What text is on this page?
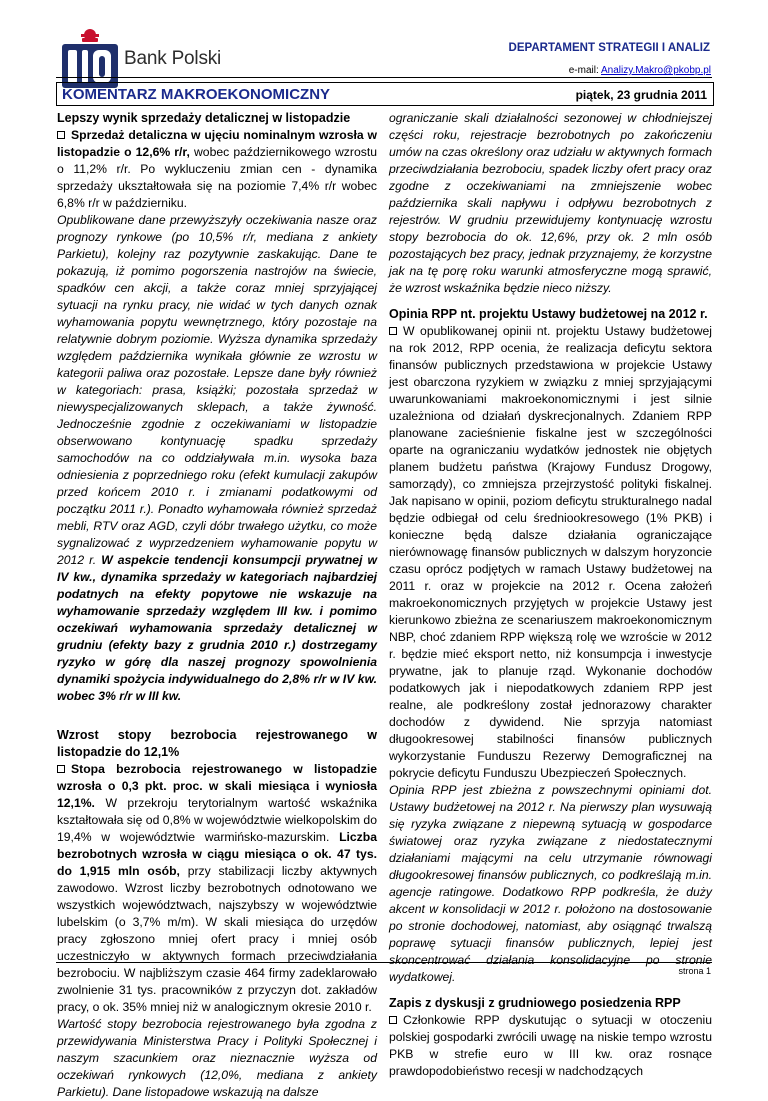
Bank Polski	DEPARTAMENT STRATEGII I ANALIZ
e-mail: Analizy.Makro@pkobp.pl
KOMENTARZ MAKROEKONOMICZNY	piątek, 23 grudnia 2011
Lepszy wynik sprzedaży detalicznej w listopadzie

Sprzedaż detaliczna w ujęciu nominalnym wzrosła w listopadzie o 12,6% r/r, wobec październikowego wzrostu o 11,2% r/r. Po wykluczeniu zmian cen - dynamika sprzedaży ukształtowała się na poziomie 7,4% r/r wobec 6,8% r/r w październiku.

Opublikowane dane przewyższyły oczekiwania nasze oraz prognozy rynkowe (po 10,5% r/r, mediana z ankiety Parkietu), kolejny raz pozytywnie zaskakując. Dane te pokazują, iż pomimo pogorszenia nastrojów na świecie, spadków cen akcji, a także coraz mniej sprzyjającej sytuacji na rynku pracy, nie widać w tych danych oznak wyhamowania popytu wewnętrznego, który pozostaje na relatywnie dobrym poziomie. Wyższa dynamika sprzedaży względem października wynikała głównie ze wzrostu w kategorii paliwa oraz pozostałe. Lepsze dane były również w kategoriach: prasa, książki; pozostała sprzedaż w niewyspecjalizowanych sklepach, a także żywność. Jednocześnie zgodnie z oczekiwaniami w listopadzie obserwowano kontynuację spadku sprzedaży samochodów na co oddziaływała m.in. wysoka baza odniesienia z poprzedniego roku (efekt kumulacji zakupów przed końcem 2010 r. i zmianami podatkowymi od początku 2011 r.). Ponadto wyhamowała również sprzedaż mebli, RTV oraz AGD, czyli dóbr trwałego użytku, co może sygnalizować z wyprzedzeniem wyhamowanie popytu w 2012 r. W aspekcie tendencji konsumpcji prywatnej w IV kw., dynamika sprzedaży w kategoriach najbardziej podatnych na efekty popytowe nie wskazuje na wyhamowanie sprzedaży względem III kw. i pomimo oczekiwań wyhamowania sprzedaży detalicznej w grudniu (efekty bazy z grudnia 2010 r.) dostrzegamy ryzyko w górę dla naszej prognozy spowolnienia dynamiki spożycia indywidualnego do 2,8% r/r w IV kw. wobec 3% r/r w III kw.

Wzrost stopy bezrobocia rejestrowanego w listopadzie do 12,1%

Stopa bezrobocia rejestrowanego w listopadzie wzrosła o 0,3 pkt. proc. w skali miesiąca i wyniosła 12,1%. W przekroju terytorialnym wartość wskaźnika kształtowała się od 0,8% w województwie wielkopolskim do 19,4% w województwie warmińsko-mazurskim. Liczba bezrobotnych wzrosła w ciągu miesiąca o ok. 47 tys. do 1,915 mln osób, przy stabilizacji liczby aktywnych zawodowo. Wzrost liczby bezrobotnych odnotowano we wszystkich województwach, najszybszy w województwie lubelskim (o 3,7% m/m). W skali miesiąca do urzędów pracy zgłoszono mniej ofert pracy i mniej osób uczestniczyło w aktywnych formach przeciwdziałania bezrobociu. W najbliższym czasie 464 firmy zadeklarowało zwolnienie 31 tys. pracowników z przyczyn dot. zakładów pracy, o ok. 35% mniej niż w analogicznym okresie 2010 r.

Wartość stopy bezrobocia rejestrowanego była zgodna z przewidywania Ministerstwa Pracy i Polityki Społecznej i naszym szacunkiem oraz nieznacznie wyższa od oczekiwań rynkowych (12,0%, mediana z ankiety Parkietu). Dane listopadowe wskazują na dalsze

ograniczanie skali działalności sezonowej w chłodniejszej części roku, rejestracje bezrobotnych po zakończeniu umów na czas określony oraz udziału w aktywnych formach przeciwdziałania bezrobociu, spadek liczby ofert pracy oraz zgodne z oczekiwaniami na zmniejszenie wobec października skali napływu i odpływu bezrobotnych z rejestrów. W grudniu przewidujemy kontynuację wzrostu stopy bezrobocia do ok. 12,6%, przy ok. 2 mln osób pozostających bez pracy, jednak przyznajemy, że korzystne jak na tę porę roku warunki atmosferyczne mogą sprawić, że wzrost wskaźnika będzie nieco niższy.

Opinia RPP nt. projektu Ustawy budżetowej na 2012 r.

W opublikowanej opinii nt. projektu Ustawy budżetowej na rok 2012, RPP ocenia, że realizacja deficytu sektora finansów publicznych przedstawiona w projekcie Ustawy jest obarczona ryzykiem w związku z mniej sprzyjającymi uwarunkowaniami makroekonomicznymi i jest silnie uzależniona od działań dyskrecjonalnych. Zdaniem RPP planowane zacieśnienie fiskalne jest w szczególności oparte na ograniczaniu wydatków jednostek nie objętych planem budżetu państwa (Krajowy Fundusz Drogowy, samorządy), co zmniejsza przejrzystość polityki fiskalnej. Jak napisano w opinii, poziom deficytu strukturalnego nadal będzie odbiegał od celu średniookresowego (1% PKB) i konieczne będą dalsze działania ograniczające nierównowagę finansów publicznych w dalszym horyzoncie czasu oprócz podjętych w ramach Ustawy budżetowej na 2011 r. oraz w projekcie na 2012 r. Ocena założeń makroekonomicznych przyjętych w projekcie Ustawy jest kierunkowo zbieżna ze scenariuszem makroekonomicznym NBP, choć zdaniem RPP większą rolę we wzroście w 2012 r. będzie mieć eksport netto, niż konsumpcja i inwestycje prywatne, jak to planuje rząd. Wykonanie dochodów podatkowych jak i niepodatkowych zdaniem RPP jest realne, ale podkreślony został jednorazowy charakter dochodów z dywidend. Nie sprzyja natomiast długookresowej stabilności finansów publicznych wykorzystanie Funduszu Rezerwy Demograficznej na pokrycie deficytu Funduszu Ubezpieczeń Społecznych.

Opinia RPP jest zbieżna z powszechnymi opiniami dot. Ustawy budżetowej na 2012 r. Na pierwszy plan wysuwają się ryzyka związane z niepewną sytuacją w gospodarce światowej oraz ryzyka związane z niedostatecznymi działaniami mającymi na celu utrzymanie równowagi długookresowej finansów publicznych, co podkreślają m.in. agencje ratingowe. Dodatkowo RPP podkreśla, że duży akcent w konsolidacji w 2012 r. położono na dostosowanie po stronie dochodowej, natomiast, aby osiągnąć trwalszą poprawę sytuacji finansów publicznych, lepiej jest skoncentrować działania konsolidacyjne po stronie wydatkowej.

Zapis z dyskusji z grudniowego posiedzenia RPP

Członkowie RPP dyskutując o sytuacji w otoczeniu polskiej gospodarki zwrócili uwagę na niskie tempo wzrostu PKB w strefie euro w III kw. oraz rosnące prawdopodobieństwo recesji w nadchodzących

strona 1
